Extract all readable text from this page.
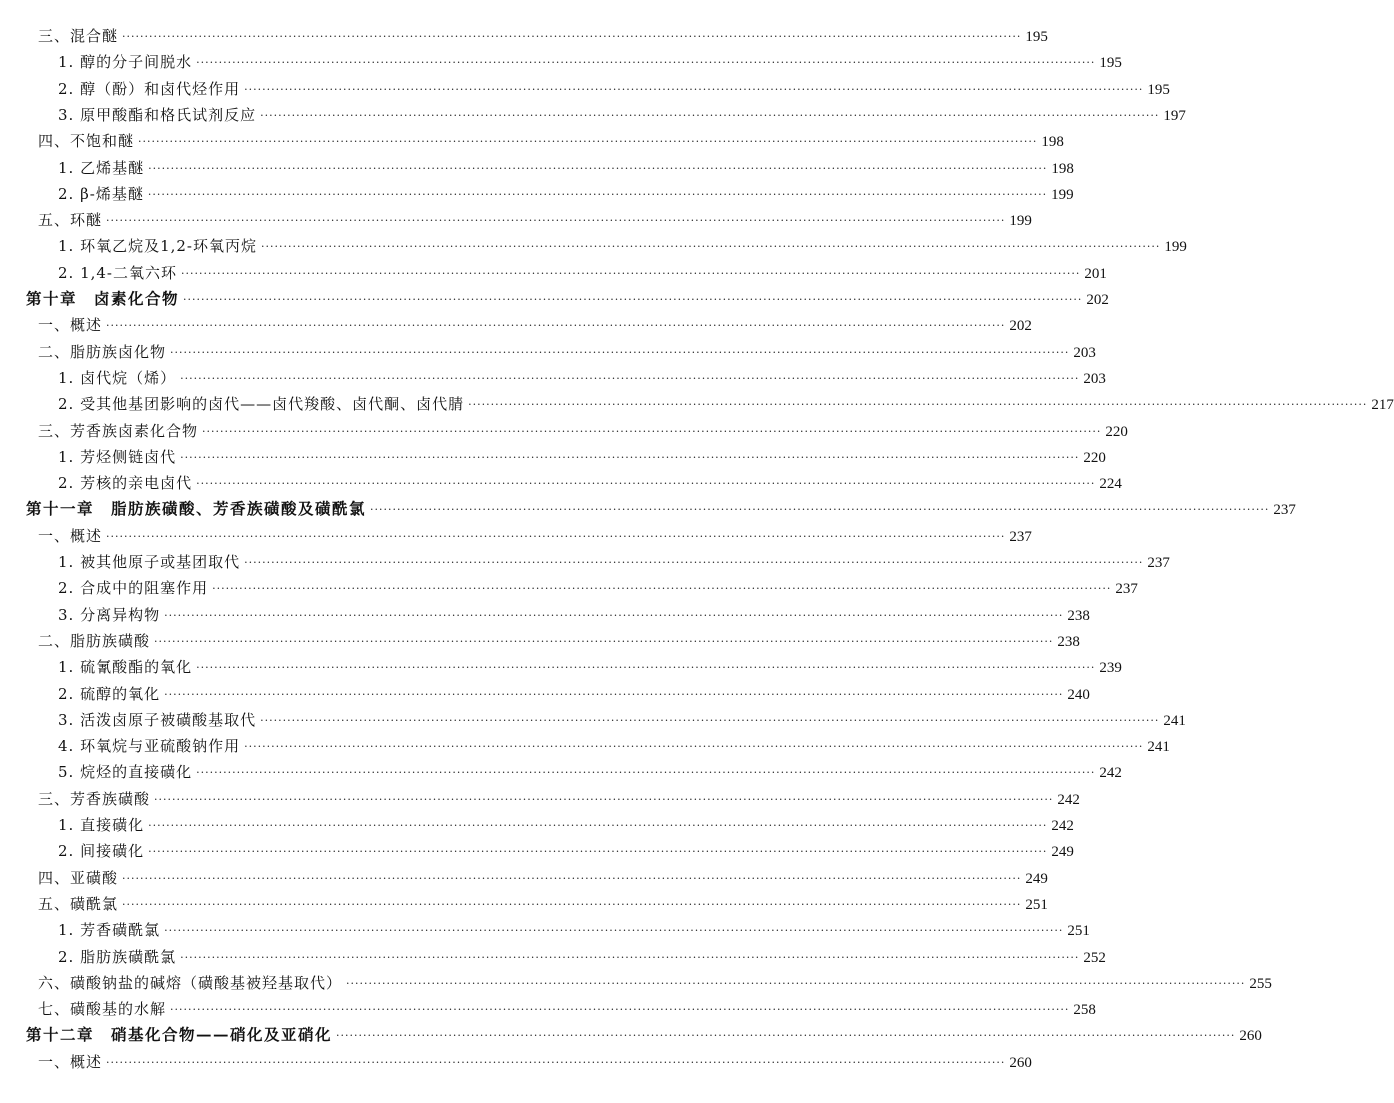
三、混合醚 ········································································································································································································ 195
1. 醇的分子间脱水 ········································································································································································································ 195
2. 醇（酚）和卤代烃作用 ········································································································································································································ 195
3. 原甲酸酯和格氏试剂反应 ········································································································································································································ 197
四、不饱和醚 ········································································································································································································ 198
1. 乙烯基醚 ········································································································································································································ 198
2. β-烯基醚 ········································································································································································································ 199
五、环醚 ········································································································································································································ 199
1. 环氧乙烷及1,2-环氧丙烷 ········································································································································································································ 199
2. 1,4-二氧六环 ········································································································································································································ 201
第十章　卤素化合物 ········································································································································································································ 202
一、概述 ········································································································································································································ 202
二、脂肪族卤化物 ········································································································································································································ 203
1. 卤代烷（烯） ········································································································································································································ 203
2. 受其他基团影响的卤代——卤代羧酸、卤代酮、卤代腈 ········································································································································································································ 217
三、芳香族卤素化合物 ········································································································································································································ 220
1. 芳烃侧链卤代 ········································································································································································································ 220
2. 芳核的亲电卤代 ········································································································································································································ 224
第十一章　脂肪族磺酸、芳香族磺酸及磺酰氯 ········································································································································································································ 237
一、概述 ········································································································································································································ 237
1. 被其他原子或基团取代 ········································································································································································································ 237
2. 合成中的阻塞作用 ········································································································································································································ 237
3. 分离异构物 ········································································································································································································ 238
二、脂肪族磺酸 ········································································································································································································ 238
1. 硫氰酸酯的氧化 ········································································································································································································ 239
2. 硫醇的氧化 ········································································································································································································ 240
3. 活泼卤原子被磺酸基取代 ········································································································································································································ 241
4. 环氧烷与亚硫酸钠作用 ········································································································································································································ 241
5. 烷烃的直接磺化 ········································································································································································································ 242
三、芳香族磺酸 ········································································································································································································ 242
1. 直接磺化 ········································································································································································································ 242
2. 间接磺化 ········································································································································································································ 249
四、亚磺酸 ········································································································································································································ 249
五、磺酰氯 ········································································································································································································ 251
1. 芳香磺酰氯 ········································································································································································································ 251
2. 脂肪族磺酰氯 ········································································································································································································ 252
六、磺酸钠盐的碱熔（磺酸基被羟基取代） ········································································································································································································ 255
七、磺酸基的水解 ········································································································································································································ 258
第十二章　硝基化合物——硝化及亚硝化 ········································································································································································································ 260
一、概述 ········································································································································································································ 260
